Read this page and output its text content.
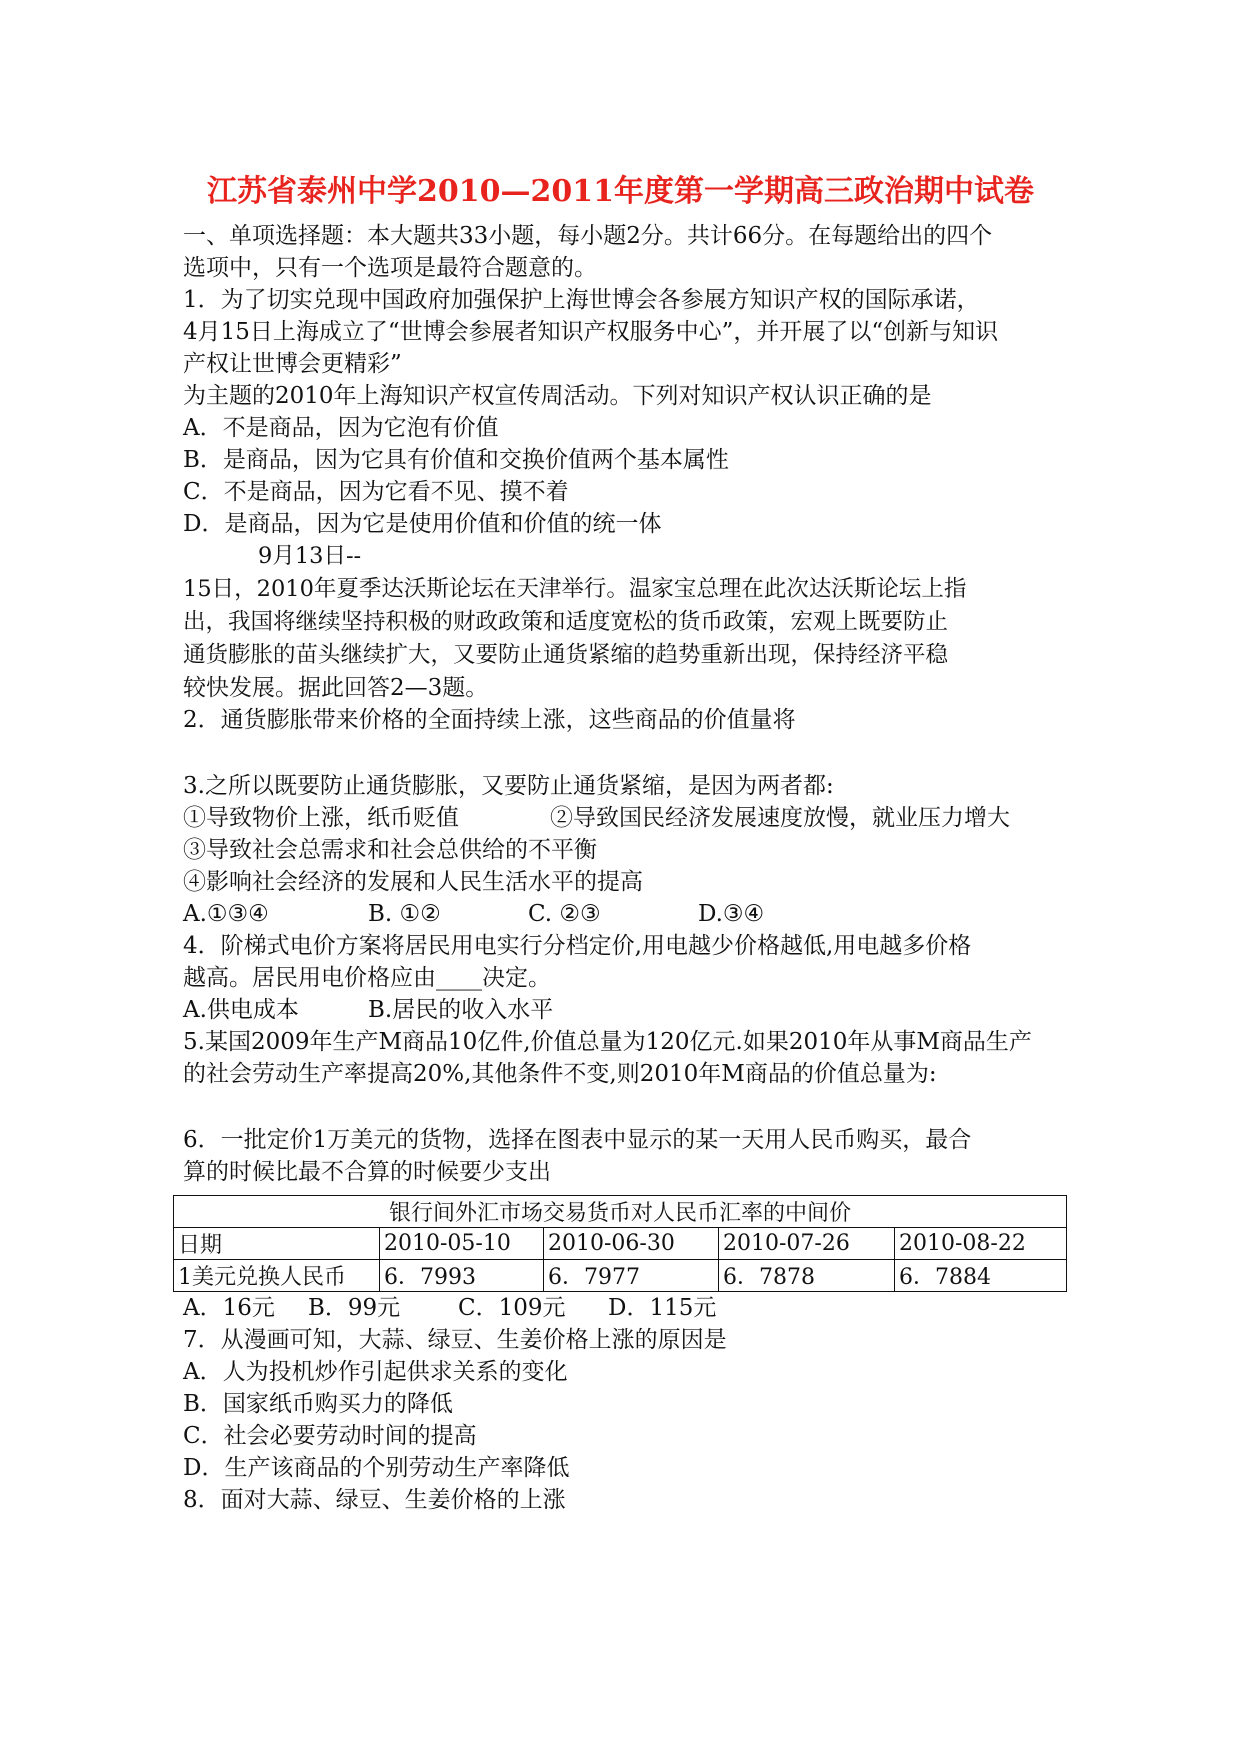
江苏省泰州中学2010—2011年度第一学期高三政治期中试卷
一、单项选择题：本大题共33小题，每小题2分。共计66分。在每题给出的四个
选项中，只有一个选项是最符合题意的。
1．为了切实兑现中国政府加强保护上海世博会各参展方知识产权的国际承诺，
4月15日上海成立了“世博会参展者知识产权服务中心”，并开展了以“创新与知识
产权让世博会更精彩”
为主题的2010年上海知识产权宣传周活动。下列对知识产权认识正确的是
A．不是商品，因为它泡有价值
B．是商品，因为它具有价值和交换价值两个基本属性
C．不是商品，因为它看不见、摸不着
D．是商品，因为它是使用价值和价值的统一体
9月13日--
15日，2010年夏季达沃斯论坛在天津举行。温家宝总理在此次达沃斯论坛上指
出，我国将继续坚持积极的财政政策和适度宽松的货币政策，宏观上既要防止
通货膨胀的苗头继续扩大，又要防止通货紧缩的趋势重新出现，保持经济平稳
较快发展。据此回答2—3题。
2．通货膨胀带来价格的全面持续上涨，这些商品的价值量将
3.之所以既要防止通货膨胀，又要防止通货紧缩，是因为两者都:
①导致物价上涨，纸币贬值	②导致国民经济发展速度放慢，就业压力增大
③导致社会总需求和社会总供给的不平衡
④影响社会经济的发展和人民生活水平的提高
A.①③④	B. ①②	C. ②③	D.③④
4．阶梯式电价方案将居民用电实行分档定价,用电越少价格越低,用电越多价格
越高。居民用电价格应由____决定。
A.供电成本	B.居民的收入水平
5.某国2009年生产M商品10亿件,价值总量为120亿元.如果2010年从事M商品生产
的社会劳动生产率提高20%,其他条件不变,则2010年M商品的价值总量为:
6．一批定价1万美元的货物，选择在图表中显示的某一天用人民币购买，最合
算的时候比最不合算的时候要少支出
银行间外汇市场交易货币对人民币汇率的中间价				
日期	2010-05-10	2010-06-30	2010-07-26	2010-08-22
1美元兑换人民币	6．7993	6．7977	6．7878	6．7884
A．16元 B．99元	C．109元 D．115元
7．从漫画可知，大蒜、绿豆、生姜价格上涨的原因是
A．人为投机炒作引起供求关系的变化
B．国家纸币购买力的降低
C．社会必要劳动时间的提高
D．生产该商品的个别劳动生产率降低
8．面对大蒜、绿豆、生姜价格的上涨
